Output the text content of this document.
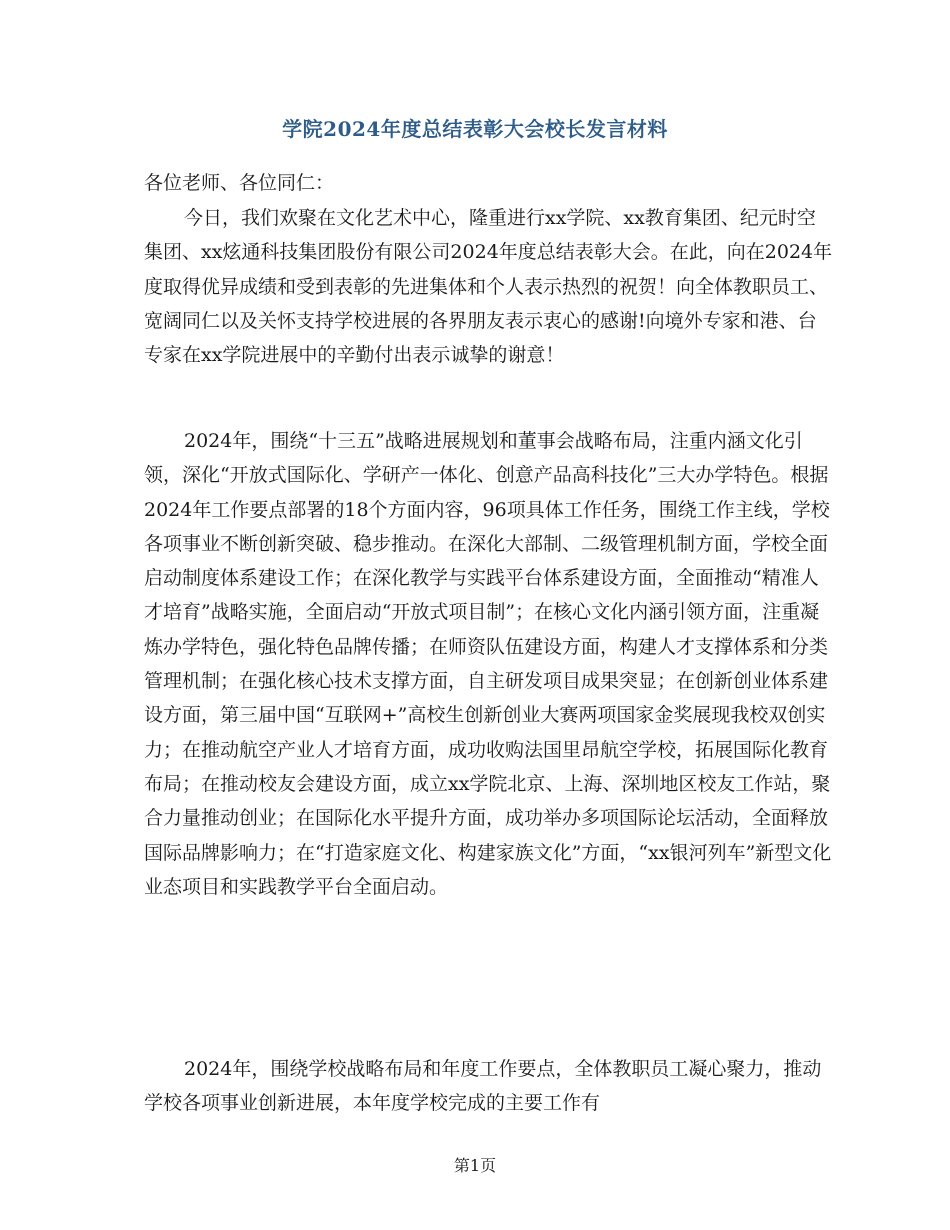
学院2024年度总结表彰大会校长发言材料
各位老师、各位同仁：

今日，我们欢聚在文化艺术中心，隆重进行xx学院、xx教育集团、纪元时空集团、xx炫通科技集团股份有限公司2024年度总结表彰大会。在此，向在2024年度取得优异成绩和受到表彰的先进集体和个人表示热烈的祝贺！向全体教职员工、宽阔同仁以及关怀支持学校进展的各界朋友表示衷心的感谢!向境外专家和港、台专家在xx学院进展中的辛勤付出表示诚挚的谢意！

2024年，围绕“十三五”战略进展规划和董事会战略布局，注重内涵文化引领，深化“开放式国际化、学研产一体化、创意产品高科技化”三大办学特色。根据2024年工作要点部署的18个方面内容，96项具体工作任务，围绕工作主线，学校各项事业不断创新突破、稳步推动。在深化大部制、二级管理机制方面，学校全面启动制度体系建设工作；在深化教学与实践平台体系建设方面，全面推动“精准人才培育”战略实施，全面启动“开放式项目制”；在核心文化内涵引领方面，注重凝炼办学特色，强化特色品牌传播；在师资队伍建设方面，构建人才支撑体系和分类管理机制；在强化核心技术支撑方面，自主研发项目成果突显；在创新创业体系建设方面，第三届中国“互联网+”高校生创新创业大赛两项国家金奖展现我校双创实力；在推动航空产业人才培育方面，成功收购法国里昂航空学校，拓展国际化教育布局；在推动校友会建设方面，成立xx学院北京、上海、深圳地区校友工作站，聚合力量推动创业；在国际化水平提升方面，成功举办多项国际论坛活动，全面释放国际品牌影响力；在“打造家庭文化、构建家族文化”方面，“xx银河列车”新型文化业态项目和实践教学平台全面启动。

2024年，围绕学校战略布局和年度工作要点，全体教职员工凝心聚力，推动学校各项事业创新进展，本年度学校完成的主要工作有

第1页
